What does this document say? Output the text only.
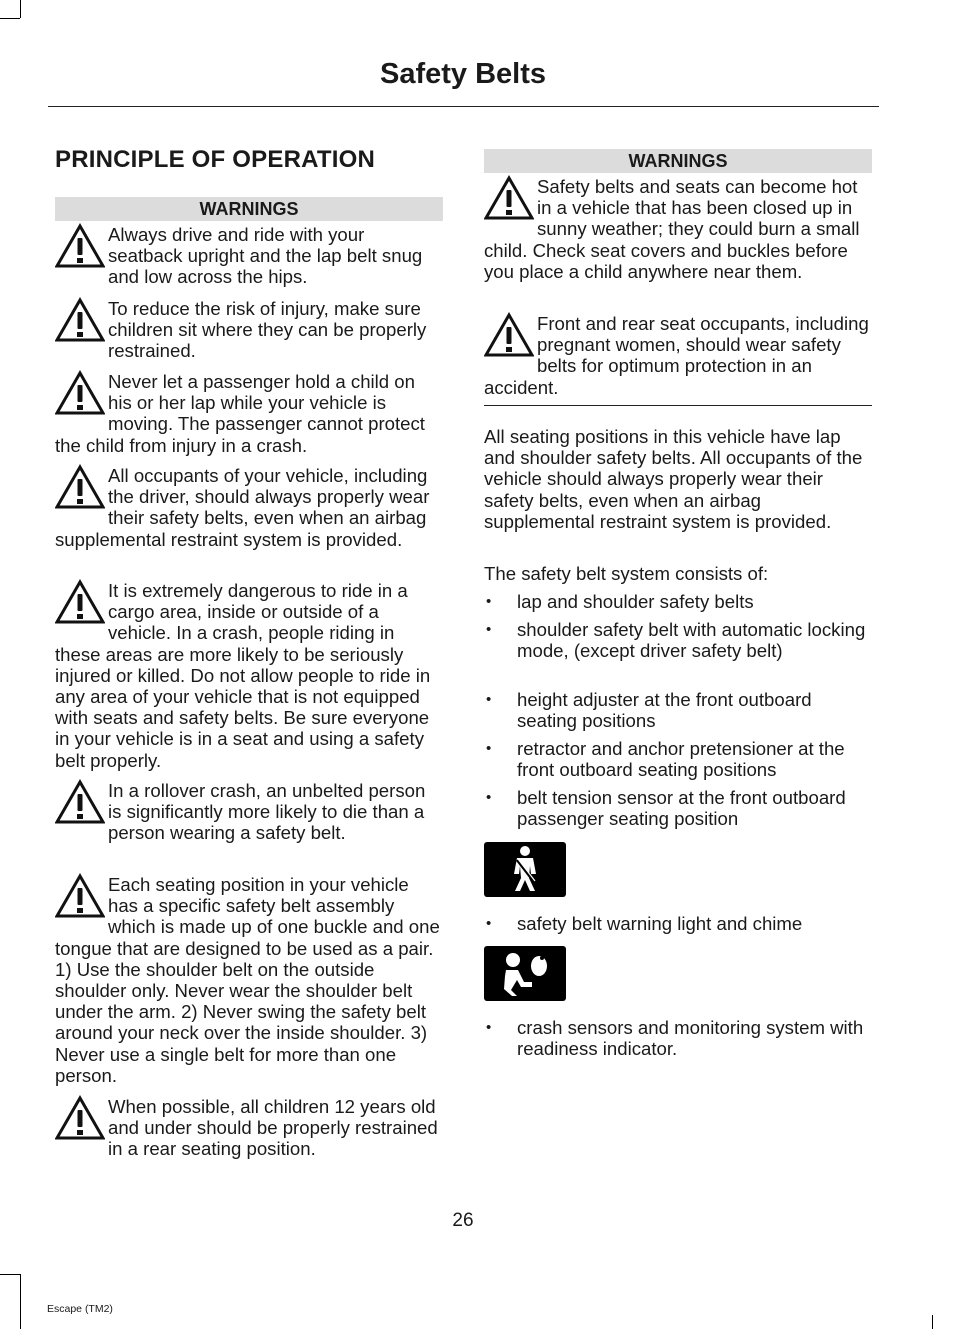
Safety Belts
PRINCIPLE OF OPERATION
WARNINGS
Always drive and ride with your seatback upright and the lap belt snug and low across the hips.
To reduce the risk of injury, make sure children sit where they can be properly restrained.
Never let a passenger hold a child on his or her lap while your vehicle is moving. The passenger cannot protect the child from injury in a crash.
All occupants of your vehicle, including the driver, should always properly wear their safety belts, even when an airbag supplemental restraint system is provided.
It is extremely dangerous to ride in a cargo area, inside or outside of a vehicle. In a crash, people riding in these areas are more likely to be seriously injured or killed. Do not allow people to ride in any area of your vehicle that is not equipped with seats and safety belts. Be sure everyone in your vehicle is in a seat and using a safety belt properly.
In a rollover crash, an unbelted person is significantly more likely to die than a person wearing a safety belt.
Each seating position in your vehicle has a specific safety belt assembly which is made up of one buckle and one tongue that are designed to be used as a pair. 1) Use the shoulder belt on the outside shoulder only. Never wear the shoulder belt under the arm. 2) Never swing the safety belt around your neck over the inside shoulder. 3) Never use a single belt for more than one person.
When possible, all children 12 years old and under should be properly restrained in a rear seating position.
WARNINGS
Safety belts and seats can become hot in a vehicle that has been closed up in sunny weather; they could burn a small child. Check seat covers and buckles before you place a child anywhere near them.
Front and rear seat occupants, including pregnant women, should wear safety belts for optimum protection in an accident.

All seating positions in this vehicle have lap and shoulder safety belts. All occupants of the vehicle should always properly wear their safety belts, even when an airbag supplemental restraint system is provided.

The safety belt system consists of:

• lap and shoulder safety belts
• shoulder safety belt with automatic locking mode, (except driver safety belt)
• height adjuster at the front outboard seating positions
• retractor and anchor pretensioner at the front outboard seating positions
• belt tension sensor at the front outboard passenger seating position
• safety belt warning light and chime
• crash sensors and monitoring system with readiness indicator.
26
Escape (TM2)
